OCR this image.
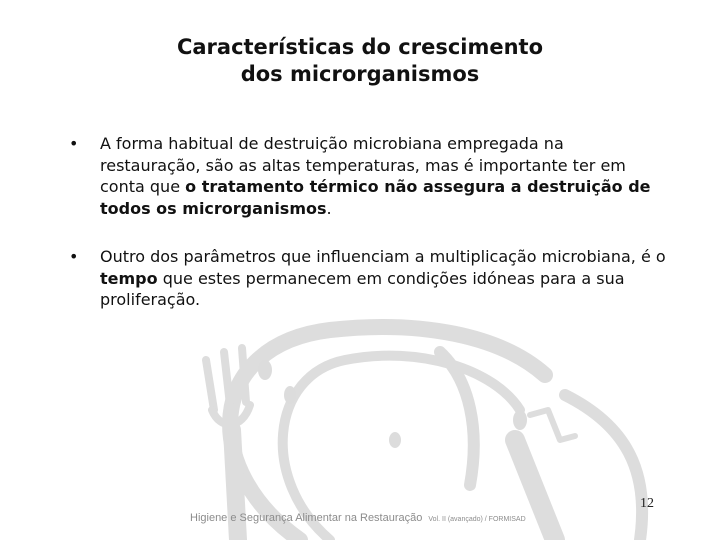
Características do crescimento
dos microrganismos
• A forma habitual de destruição microbiana empregada na restauração, são as altas temperaturas, mas é importante ter em conta que o tratamento térmico não assegura a destruição de todos os microrganismos.
• Outro dos parâmetros que influenciam a multiplicação microbiana, é o tempo que estes permanecem em condições idóneas para a sua proliferação.
Higiene e Segurança Alimentar na Restauração Vol. II (avançado) / FORMISAD
12
